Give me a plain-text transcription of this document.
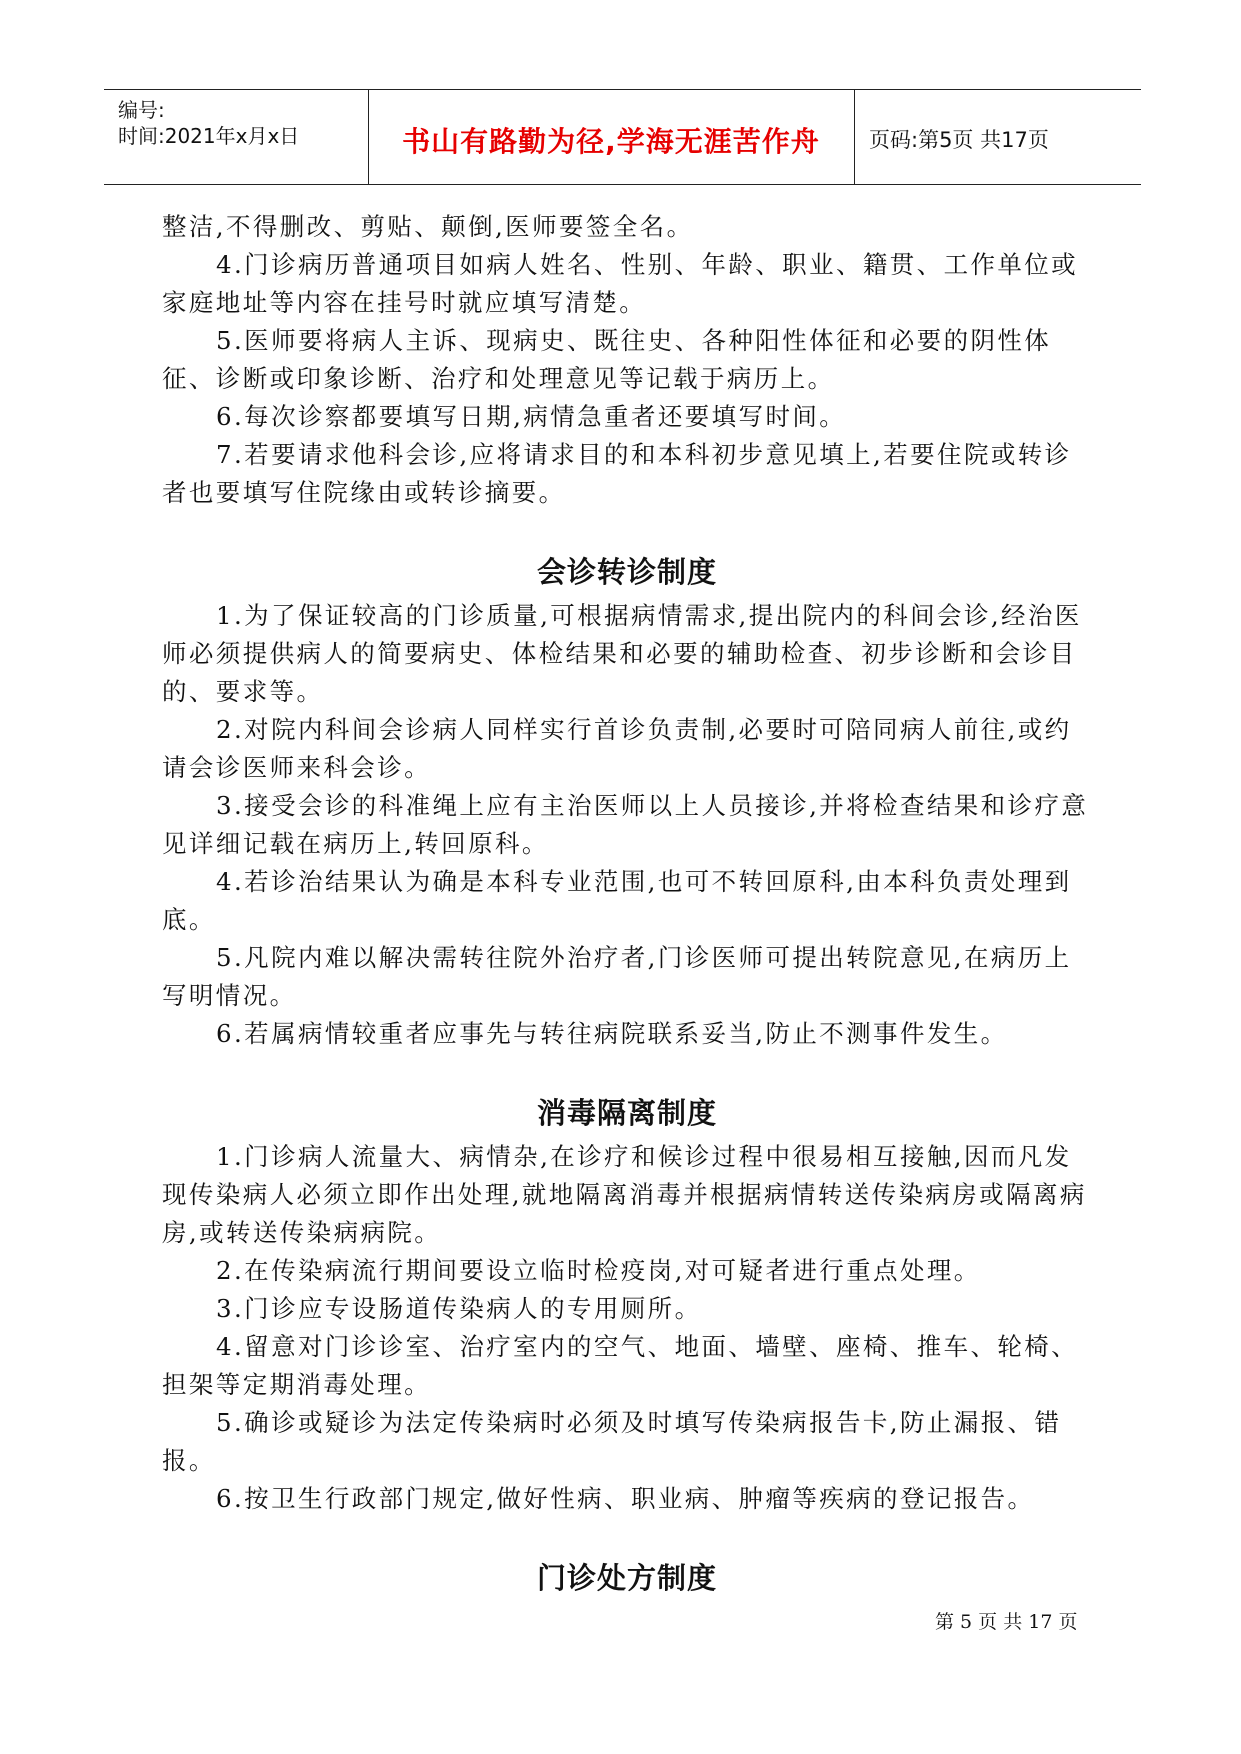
编号:
时间:2021年x月x日	书山有路勤为径,学海无涯苦作舟	页码:第5页 共17页

整洁,不得删改、剪贴、颠倒,医师要签全名。

4.门诊病历普通项目如病人姓名、性别、年龄、职业、籍贯、工作单位或家庭地址等内容在挂号时就应填写清楚。

5.医师要将病人主诉、现病史、既往史、各种阳性体征和必要的阴性体征、诊断或印象诊断、治疗和处理意见等记载于病历上。

6.每次诊察都要填写日期,病情急重者还要填写时间。

7.若要请求他科会诊,应将请求目的和本科初步意见填上,若要住院或转诊者也要填写住院缘由或转诊摘要。

会诊转诊制度

1.为了保证较高的门诊质量,可根据病情需求,提出院内的科间会诊,经治医师必须提供病人的简要病史、体检结果和必要的辅助检查、初步诊断和会诊目的、要求等。

2.对院内科间会诊病人同样实行首诊负责制,必要时可陪同病人前往,或约请会诊医师来科会诊。

3.接受会诊的科准绳上应有主治医师以上人员接诊,并将检查结果和诊疗意见详细记载在病历上,转回原科。

4.若诊治结果认为确是本科专业范围,也可不转回原科,由本科负责处理到底。

5.凡院内难以解决需转往院外治疗者,门诊医师可提出转院意见,在病历上写明情况。

6.若属病情较重者应事先与转往病院联系妥当,防止不测事件发生。

消毒隔离制度

1.门诊病人流量大、病情杂,在诊疗和候诊过程中很易相互接触,因而凡发现传染病人必须立即作出处理,就地隔离消毒并根据病情转送传染病房或隔离病房,或转送传染病病院。

2.在传染病流行期间要设立临时检疫岗,对可疑者进行重点处理。

3.门诊应专设肠道传染病人的专用厕所。

4.留意对门诊诊室、治疗室内的空气、地面、墙壁、座椅、推车、轮椅、担架等定期消毒处理。

5.确诊或疑诊为法定传染病时必须及时填写传染病报告卡,防止漏报、错报。

6.按卫生行政部门规定,做好性病、职业病、肿瘤等疾病的登记报告。

门诊处方制度
第 5 页 共 17 页
